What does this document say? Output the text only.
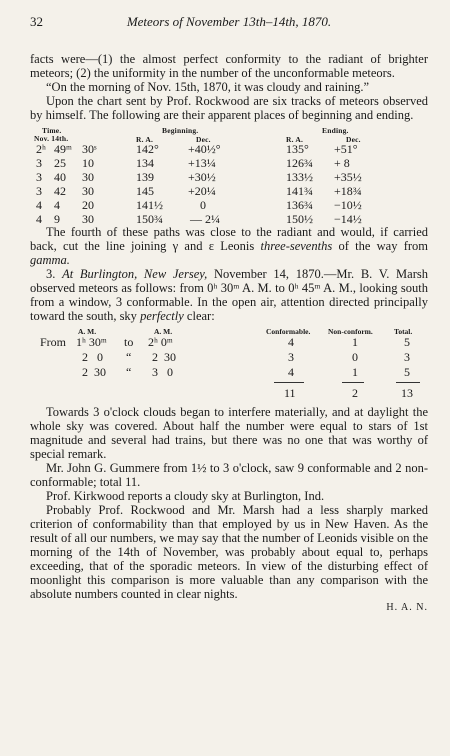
32	Meteors of November 13th–14th, 1870.

facts were—(1) the almost perfect conformity to the radiant of brighter meteors; (2) the uniformity in the number of the unconformable meteors.

“On the morning of Nov. 15th, 1870, it was cloudy and raining.”

Upon the chart sent by Prof. Rockwood are six tracks of meteors observed by himself. The following are their apparent places of beginning and ending.

Time.
Nov. 14th.
Beginning.	Ending.
R. A.	Dec.	R. A.	Dec.
2ʰ 49ᵐ 30ˢ	142° +40½°	135° +51°
3 25 10	134	+13¼	126¾ + 8
3 40 30	139	+30½	133½ +35½
3 42 30	145	+20¼	141¾ +18¾
4 4 20	141½	0	136¾ −10½
4 9 30	150¾ — 2¼	150½ −14½

The fourth of these paths was close to the radiant and would, if carried back, cut the line joining γ and ε Leonis three-sevenths of the way from gamma.

3. At Burlington, New Jersey, November 14, 1870.—Mr. B. V. Marsh observed meteors as follows: from 0ʰ 30ᵐ A. M. to 0ʰ 45ᵐ A. M., looking south from a window, 3 conformable. In the open air, attention directed principally toward the south, sky perfectly clear:

A. M.	A. M.	Conformable. Non-conform.	Total.
From 1ʰ 30ᵐ to 2ʰ 0ᵐ	4	1	5
2   0 “ 2  30	3	0	3
2  30 “ 3   0	4	1	5
11	2	13

Towards 3 o'clock clouds began to interfere materially, and at daylight the whole sky was covered. About half the number were equal to stars of 1st magnitude and several had trains, but there was no one that was worthy of special remark.

Mr. John G. Gummere from 1½ to 3 o'clock, saw 9 conformable and 2 non-conformable; total 11.

Prof. Kirkwood reports a cloudy sky at Burlington, Ind.

Probably Prof. Rockwood and Mr. Marsh had a less sharply marked criterion of conformability than that employed by us in New Haven. As the result of all our numbers, we may say that the number of Leonids visible on the morning of the 14th of November, was probably about equal to, perhaps exceeding, that of the sporadic meteors. In view of the disturbing effect of moonlight this comparison is more valuable than any comparison with the absolute numbers counted in clear nights.

H. A. N.
